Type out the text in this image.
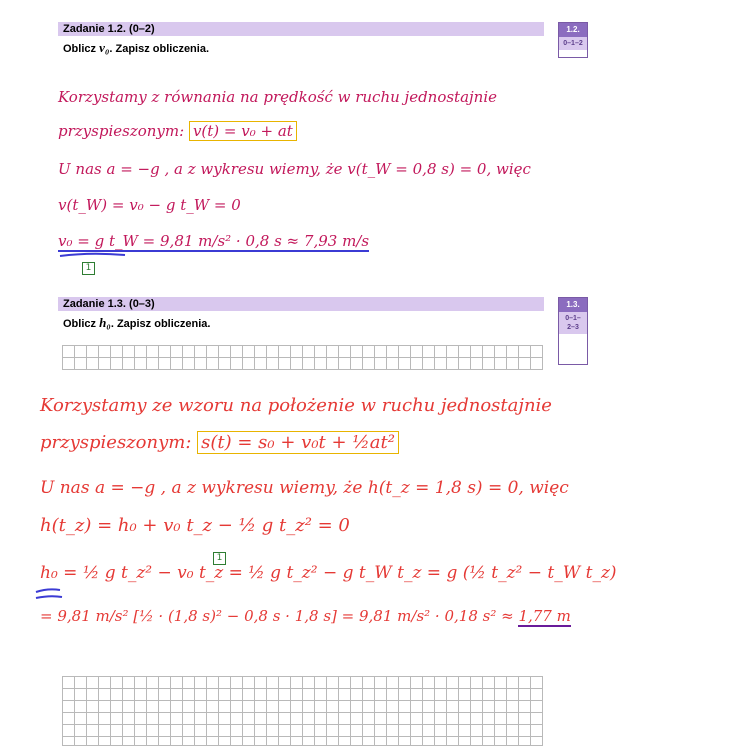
Zadanie 1.2. (0–2)
Oblicz v₀. Zapisz obliczenia.
1.2.
0–1–2
Korzystamy z równania na prędkość w ruchu jednostajnie
przyspieszonym: v(t) = v₀ + at
U nas a = −g , a z wykresu wiemy, że v(t_W = 0,8 s) = 0, więc
v(t_W) = v₀ − g t_W = 0
v₀ = g t_W = 9,81 m/s² · 0,8 s ≈ 7,93 m/s
1
Zadanie 1.3. (0–3)
Oblicz h₀. Zapisz obliczenia.
1.3.
0–1–
2–3
Korzystamy ze wzoru na położenie w ruchu jednostajnie
przyspieszonym: s(t) = s₀ + v₀t + ½at²
U nas a = −g , a z wykresu wiemy, że h(t_z = 1,8 s) = 0, więc
h(t_z) = h₀ + v₀ t_z − ½ g t_z² = 0
1
h₀ = ½ g t_z² − v₀ t_z = ½ g t_z² − g t_W t_z = g (½ t_z² − t_W t_z)
= 9,81 m/s² [½ · (1,8 s)² − 0,8 s · 1,8 s] = 9,81 m/s² · 0,18 s² ≈ 1,77 m
